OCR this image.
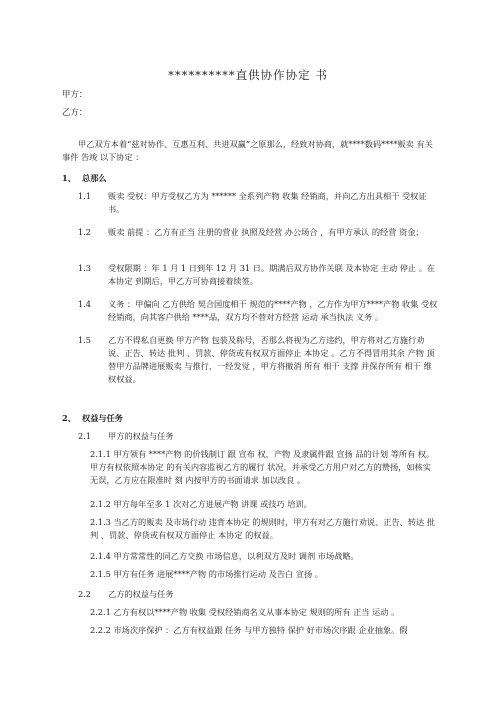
**********直供协作协定 书
甲方：
乙方：
甲乙双方本着“兹对协作、互惠互利、共进双赢”之原那么，经致对协商，就****数码****贩卖 有关事件 告竣 以下协定 ：
1、 总那么
1.1	贩卖 受权：甲方受权乙方为 ****** 全系列产物 收集 经销商，并向乙方出具相干 受权证书。
1.2	贩卖 前提 ：乙方有正当 注册的营业 执照及经营 办公场合 ，有甲方承认 的经营 资金；
1.3	受权限期 ：年 1 月 1 日到年 12 月 31 日。期满后双方协作关联 及本协定 主动 停止 。在本协定 到期后，甲乙方可协商接着续签。
1.4	义务 ：甲偏向 乙方供给 契合国度相干 规范的****产物 ，乙方作为甲方****产物 收集 受权经销商，向其客户供给 ****品，双方均不替对方经营 运动 承当执法 义务 。
1.5	乙方不得私自更换 甲方产物 包装及称号，否那么将视为乙方违约，甲方将对乙方施行劝说、正告、转达 批判 、罚款、停货或有权双方面停止 本协定 。乙方不得冒用其余 产物 顶替甲方品牌进展贩卖 与推行，一经发觉 ，甲方将撤消 所有 相干 支撑 并保存所有 相干 维权权益。
2、 权益与任务
2.1 甲方的权益与任务
2.1.1 甲方领有 ****产物 的价钱制订 跟 宣布 权，产物 及隶属件跟 宣扬 品的计划 等所有 权。甲方有权依照本协定 的有关内容监视乙方的履行 状况，并承受乙方用户对乙方的赞扬，如核实无误，乙方应在限准时 刻 内按甲方的书面请求 加以改良 。
2.1.2 甲方每年至多 1 次对乙方进展产物 讲课 或技巧 培训。
2.1.3 当乙方的贩卖 及市场行动 违背本协定 的规则时，甲方有对乙方施行劝说、正告、转达 批判 、罚款、停货或有权双方面停止 本协定 的权益。
2.1.4 甲方常常性的同乙方交换 市场信息，以利双方及时 调剂 市场战略。
2.1.5 甲方有任务 进展****产物 的市场推行运动 及告白 宣扬 。
2.2 乙方的权益与任务
2.2.1 乙方有权以****产物 收集 受权经销商名义从事本协定 规则的所有 正当 运动 。
2.2.2 市场次序保护 ：乙方有权益跟 任务 与甲方独特 保护 好市场次序跟 企业抽象。假
